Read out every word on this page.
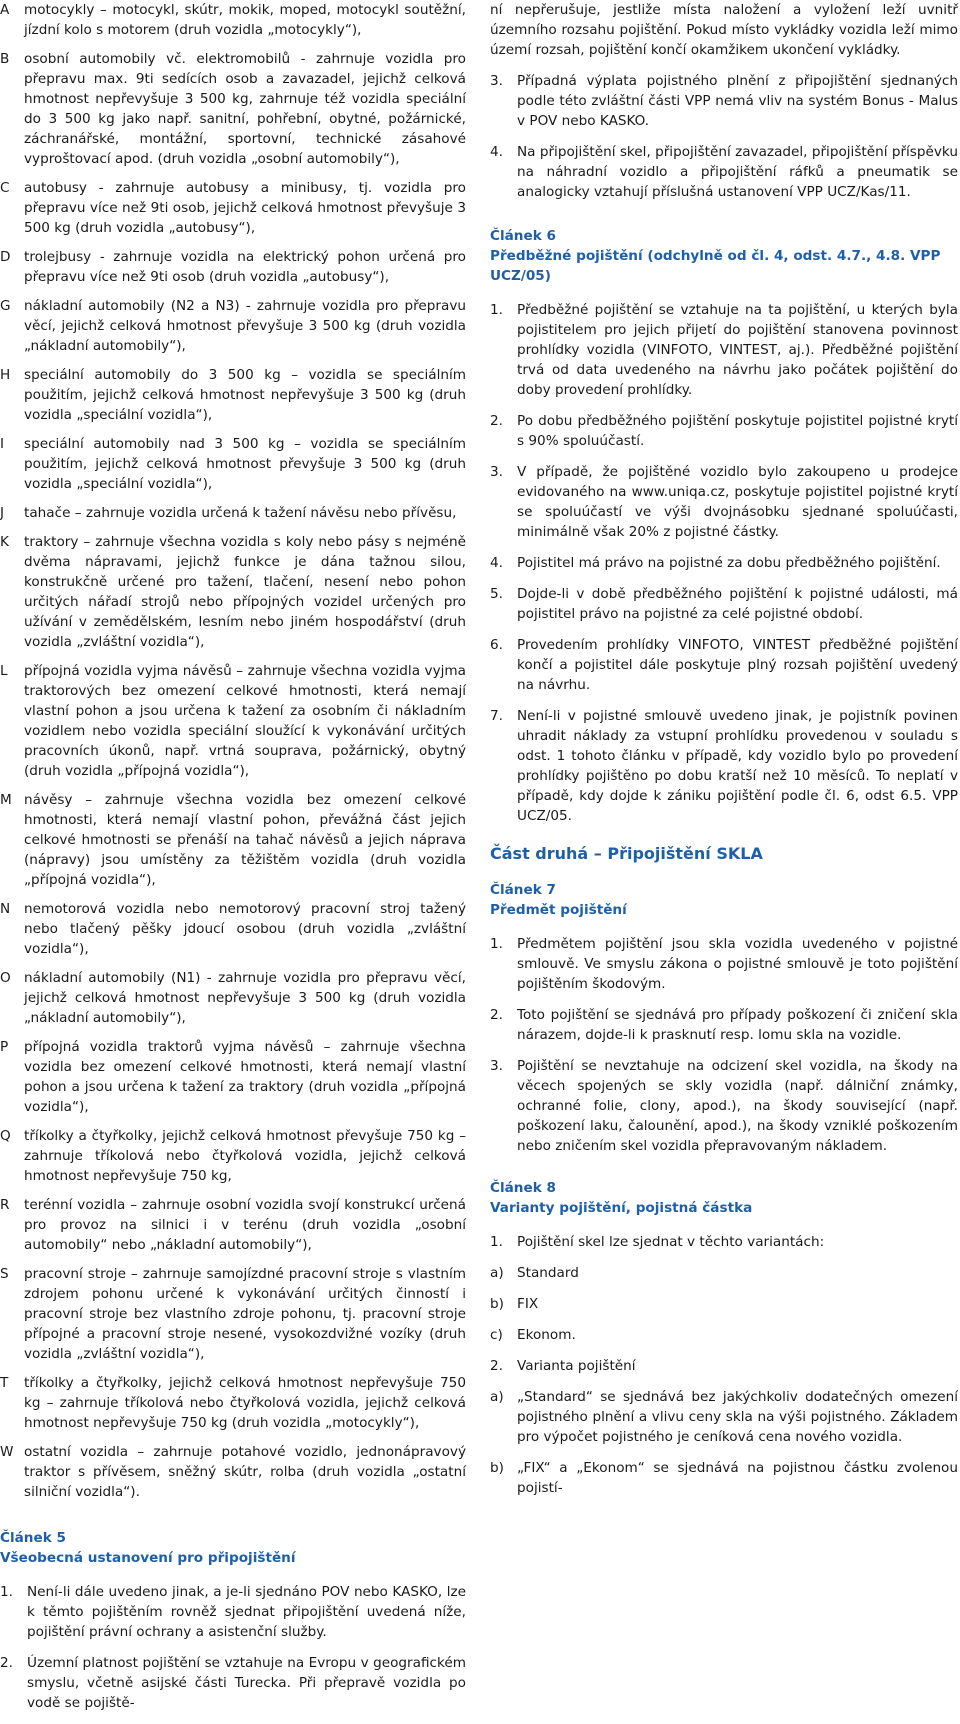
A	motocykly – motocykl, skútr, mokik, moped, motocykl soutěžní, jízdní kolo s motorem (druh vozidla „motocykly“),
B	osobní automobily vč. elektromobilů - zahrnuje vozidla pro přepravu max. 9ti sedících osob a zavazadel, jejichž celková hmotnost nepřevyšuje 3 500 kg, zahrnuje též vozidla speciální do 3 500 kg jako např. sanitní, pohřební, obytné, požárnické, záchranářské, montážní, sportovní, technické zásahové vyproštovací apod. (druh vozidla „osobní automobily“),
C	autobusy - zahrnuje autobusy a minibusy, tj. vozidla pro přepravu více než 9ti osob, jejichž celková hmotnost převyšuje 3 500 kg (druh vozidla „autobusy“),
D trolejbusy - zahrnuje vozidla na elektrický pohon určená pro přepravu více než 9ti osob (druh vozidla „autobusy“),
G nákladní automobily (N2 a N3) - zahrnuje vozidla pro přepravu věcí, jejichž celková hmotnost převyšuje 3 500 kg (druh vozidla „nákladní automobily“),
H	speciální automobily do 3 500 kg – vozidla se speciálním použitím, jejichž celková hmotnost nepřevyšuje 3 500 kg (druh vozidla „speciální vozidla“),
I	speciální automobily nad 3 500 kg – vozidla se speciálním použitím, jejichž celková hmotnost převyšuje 3 500 kg (druh vozidla „speciální vozidla“),
J	tahače – zahrnuje vozidla určená k tažení návěsu nebo přívěsu,
K	traktory – zahrnuje všechna vozidla s koly nebo pásy s nejméně dvěma nápravami, jejichž funkce je dána tažnou silou, konstrukčně určené pro tažení, tlačení, nesení nebo pohon určitých nářadí strojů nebo přípojných vozidel určených pro užívání v zemědělském, lesním nebo jiném hospodářství (druh vozidla „zvláštní vozidla“),
L	přípojná vozidla vyjma návěsů – zahrnuje všechna vozidla vyjma traktorových bez omezení celkové hmotnosti, která nemají vlastní pohon a jsou určena k tažení za osobním či nákladním vozidlem nebo vozidla speciální sloužící k vykonávání určitých pracovních úkonů, např. vrtná souprava, požárnický, obytný (druh vozidla „přípojná vozidla“),
M návěsy – zahrnuje všechna vozidla bez omezení celkové hmotnosti, která nemají vlastní pohon, převážná část jejich celkové hmotnosti se přenáší na tahač návěsů a jejich náprava (nápravy) jsou umístěny za těžištěm vozidla (druh vozidla „přípojná vozidla“),
N	nemotorová vozidla nebo nemotorový pracovní stroj tažený nebo tlačený pěšky jdoucí osobou (druh vozidla „zvláštní vozidla“),
O nákladní automobily (N1) - zahrnuje vozidla pro přepravu věcí, jejichž celková hmotnost nepřevyšuje 3 500 kg (druh vozidla „nákladní automobily“),
P	přípojná vozidla traktorů vyjma návěsů – zahrnuje všechna vozidla bez omezení celkové hmotnosti, která nemají vlastní pohon a jsou určena k tažení za traktory (druh vozidla „přípojná vozidla“),
Q tříkolky a čtyřkolky, jejichž celková hmotnost převyšuje 750 kg – zahrnuje tříkolová nebo čtyřkolová vozidla, jejichž celková hmotnost nepřevyšuje 750 kg,
R	terénní vozidla – zahrnuje osobní vozidla svojí konstrukcí určená pro provoz na silnici i v terénu (druh vozidla „osobní automobily“ nebo „nákladní automobily“),
S	pracovní stroje – zahrnuje samojízdné pracovní stroje s vlastním zdrojem pohonu určené k vykonávání určitých činností i pracovní stroje bez vlastního zdroje pohonu, tj. pracovní stroje přípojné a pracovní stroje nesené, vysokozdvižné vozíky (druh vozidla „zvláštní vozidla“),
T	tříkolky a čtyřkolky, jejichž celková hmotnost nepřevyšuje 750 kg – zahrnuje tříkolová nebo čtyřkolová vozidla, jejichž celková hmotnost nepřevyšuje 750 kg (druh vozidla „motocykly“),
W ostatní vozidla – zahrnuje potahové vozidlo, jednonápravový traktor s přívěsem, sněžný skútr, rolba (druh vozidla „ostatní silniční vozidla“).
Článek 5
Všeobecná ustanovení pro připojištění
1.	Není-li dále uvedeno jinak, a je-li sjednáno POV nebo KASKO, lze k těmto pojištěním rovněž sjednat připojištění uvedená níže, pojištění právní ochrany a asistenční služby.
2.	Územní platnost pojištění se vztahuje na Evropu v geografickém smyslu, včetně asijské části Turecka. Při přepravě vozidla po vodě se pojiště-
ní nepřerušuje, jestliže místa naložení a vyložení leží uvnitř územního rozsahu pojištění. Pokud místo vykládky vozidla leží mimo území rozsah, pojištění končí okamžikem ukončení vykládky.
3.	Případná výplata pojistného plnění z připojištění sjednaných podle této zvláštní části VPP nemá vliv na systém Bonus - Malus v POV nebo KASKO.
4.	Na připojištění skel, připojištění zavazadel, připojištění příspěvku na náhradní vozidlo a připojištění ráfků a pneumatik se analogicky vztahují příslušná ustanovení VPP UCZ/Kas/11.
Článek 6
Předběžné pojištění (odchylně od čl. 4, odst. 4.7., 4.8. VPP UCZ/05)
1.	Předběžné pojištění se vztahuje na ta pojištění, u kterých byla pojistitelem pro jejich přijetí do pojištění stanovena povinnost prohlídky vozidla (VINFOTO, VINTEST, aj.). Předběžné pojištění trvá od data uvedeného na návrhu jako počátek pojištění do doby provedení prohlídky.
2.	Po dobu předběžného pojištění poskytuje pojistitel pojistné krytí s 90% spoluúčastí.
3.	V případě, že pojištěné vozidlo bylo zakoupeno u prodejce evidovaného na www.uniqa.cz, poskytuje pojistitel pojistné krytí se spoluúčastí ve výši dvojnásobku sjednané spoluúčasti, minimálně však 20% z pojistné částky.
4.	Pojistitel má právo na pojistné za dobu předběžného pojištění.
5.	Dojde-li v době předběžného pojištění k pojistné události, má pojistitel právo na pojistné za celé pojistné období.
6.	Provedením prohlídky VINFOTO, VINTEST předběžné pojištění končí a pojistitel dále poskytuje plný rozsah pojištění uvedený na návrhu.
7.	Není-li v pojistné smlouvě uvedeno jinak, je pojistník povinen uhradit náklady za vstupní prohlídku provedenou v souladu s odst. 1 tohoto článku v případě, kdy vozidlo bylo po provedení prohlídky pojištěno po dobu kratší než 10 měsíců. To neplatí v případě, kdy dojde k zániku pojištění podle čl. 6, odst 6.5. VPP UCZ/05.
Část druhá – Připojištění SKLA
Článek 7
Předmět pojištění
1.	Předmětem pojištění jsou skla vozidla uvedeného v pojistné smlouvě. Ve smyslu zákona o pojistné smlouvě je toto pojištění pojištěním škodovým.
2.	Toto pojištění se sjednává pro případy poškození či zničení skla nárazem, dojde-li k prasknutí resp. lomu skla na vozidle.
3.	Pojištění se nevztahuje na odcizení skel vozidla, na škody na věcech spojených se skly vozidla (např. dálniční známky, ochranné folie, clony, apod.), na škody související (např. poškození laku, čalounění, apod.), na škody vzniklé poškozením nebo zničením skel vozidla přepravovaným nákladem.
Článek 8
Varianty pojištění, pojistná částka
1.	Pojištění skel lze sjednat v těchto variantách:
a) Standard
b) FIX
c)	Ekonom.
2.	Varianta pojištění
a) „Standard“ se sjednává bez jakýchkoliv dodatečných omezení pojistného plnění a vlivu ceny skla na výši pojistného. Základem pro výpočet pojistného je ceníková cena nového vozidla.
b) „FIX“ a „Ekonom“ se sjednává na pojistnou částku zvolenou pojistí-
